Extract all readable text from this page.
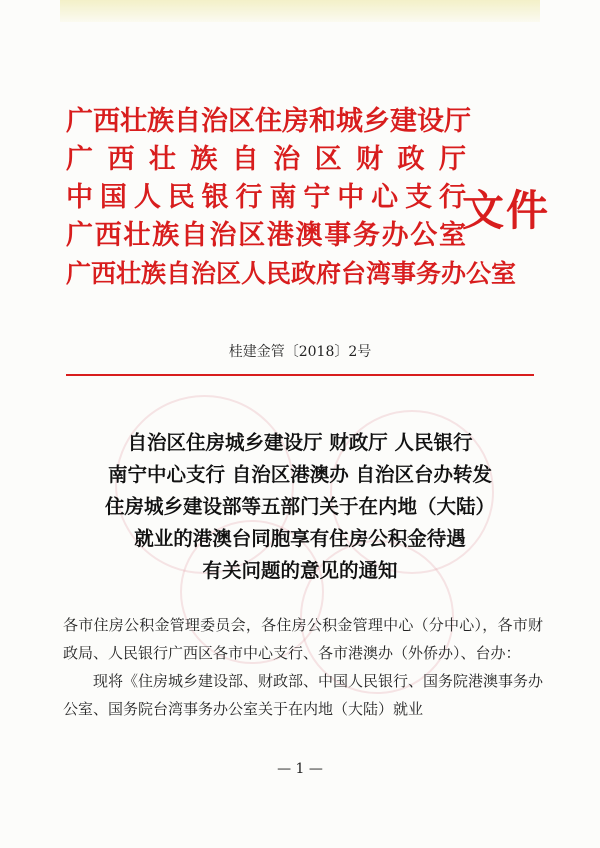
广西壮族自治区住房和城乡建设厅
广西壮族自治区财政厅
中国人民银行南宁中心支行
广西壮族自治区港澳事务办公室
广西壮族自治区人民政府台湾事务办公室
文件
桂建金管〔2018〕2号
自治区住房城乡建设厅 财政厅 人民银行
南宁中心支行 自治区港澳办 自治区台办转发
住房城乡建设部等五部门关于在内地（大陆）
就业的港澳台同胞享有住房公积金待遇
有关问题的意见的通知

各市住房公积金管理委员会，各住房公积金管理中心（分中心），各市财政局、人民银行广西区各市中心支行、各市港澳办（外侨办）、台办：

现将《住房城乡建设部、财政部、中国人民银行、国务院港澳事务办公室、国务院台湾事务办公室关于在内地（大陆）就业

— 1 —
